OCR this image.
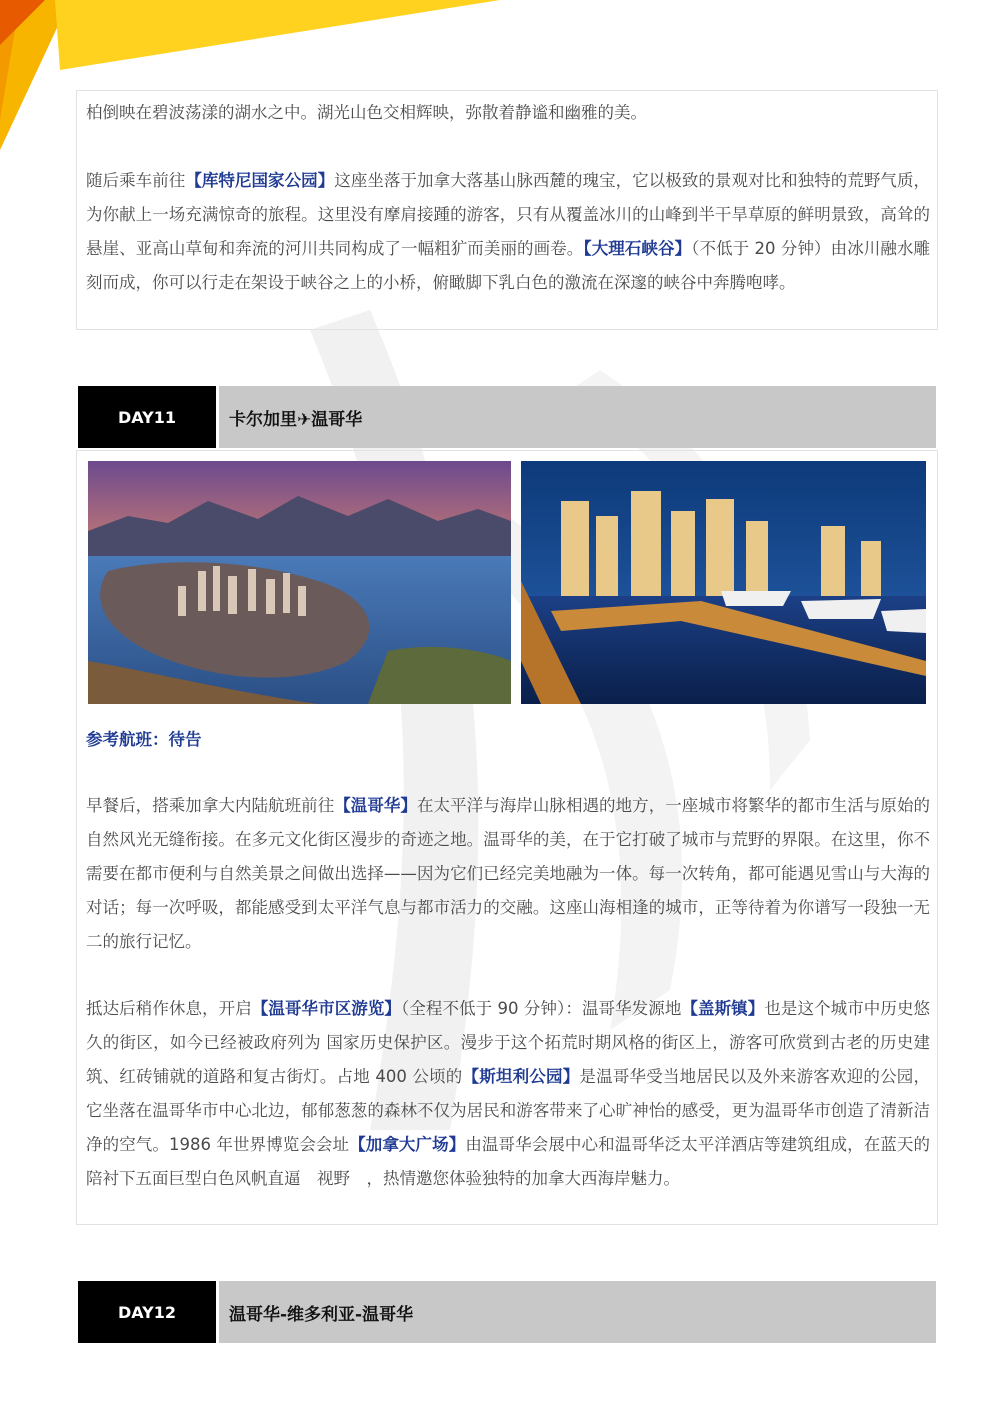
柏倒映在碧波荡漾的湖水之中。湖光山色交相辉映，弥散着静谧和幽雅的美。

随后乘车前往【库特尼国家公园】这座坐落于加拿大落基山脉西麓的瑰宝，它以极致的景观对比和独特的荒野气质，为你献上一场充满惊奇的旅程。这里没有摩肩接踵的游客，只有从覆盖冰川的山峰到半干旱草原的鲜明景致，高耸的悬崖、亚高山草甸和奔流的河川共同构成了一幅粗犷而美丽的画卷。【大理石峡谷】（不低于 20 分钟）由冰川融水雕刻而成，你可以行走在架设于峡谷之上的小桥，俯瞰脚下乳白色的激流在深邃的峡谷中奔腾咆哮。

DAY11	卡尔加里✈温哥华
参考航班：待告

早餐后，搭乘加拿大内陆航班前往【温哥华】在太平洋与海岸山脉相遇的地方，一座城市将繁华的都市生活与原始的自然风光无缝衔接。在多元文化街区漫步的奇迹之地。温哥华的美，在于它打破了城市与荒野的界限。在这里，你不需要在都市便利与自然美景之间做出选择——因为它们已经完美地融为一体。每一次转角，都可能遇见雪山与大海的对话；每一次呼吸，都能感受到太平洋气息与都市活力的交融。这座山海相逢的城市，正等待着为你谱写一段独一无二的旅行记忆。

抵达后稍作休息，开启【温哥华市区游览】（全程不低于 90 分钟）：温哥华发源地【盖斯镇】也是这个城市中历史悠久的街区，如今已经被政府列为 国家历史保护区。漫步于这个拓荒时期风格的街区上，游客可欣赏到古老的历史建筑、红砖铺就的道路和复古街灯。占地 400 公顷的【斯坦利公园】是温哥华受当地居民以及外来游客欢迎的公园，它坐落在温哥华市中心北边，郁郁葱葱的森林不仅为居民和游客带来了心旷神怡的感受，更为温哥华市创造了清新洁净的空气。1986 年世界博览会会址【加拿大广场】由温哥华会展中心和温哥华泛太平洋酒店等建筑组成，在蓝天的陪衬下五面巨型白色风帆直逼　视野　，热情邀您体验独特的加拿大西海岸魅力。

DAY12	温哥华-维多利亚-温哥华
